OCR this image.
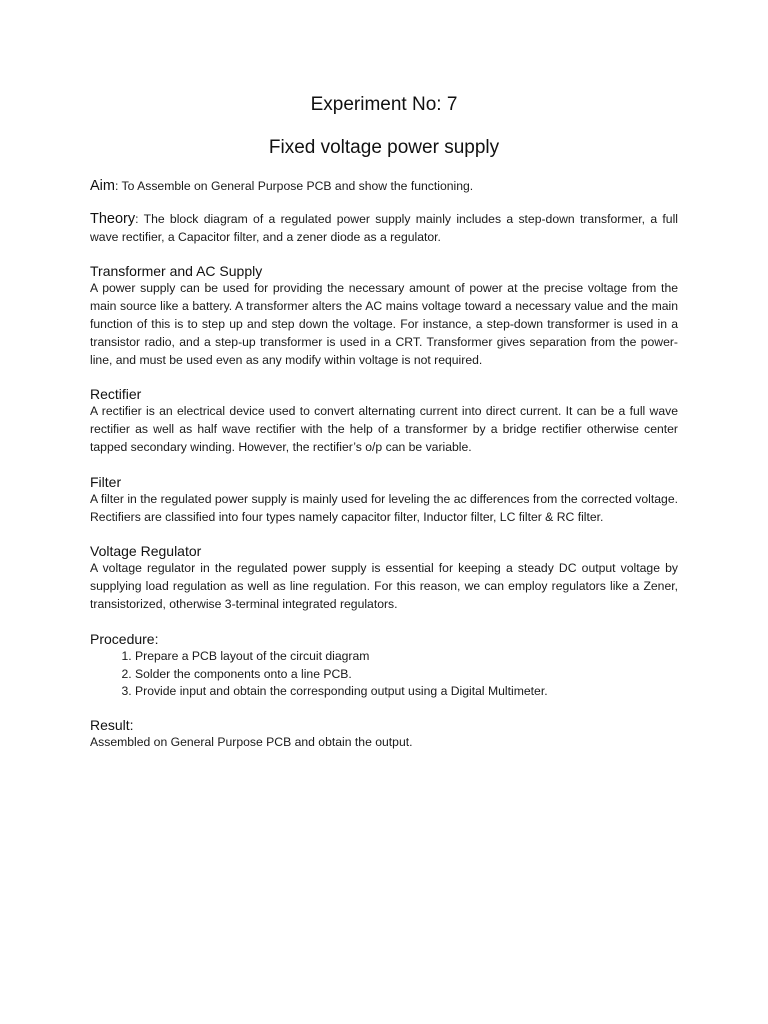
Experiment No: 7
Fixed voltage power supply

Aim: To Assemble on General Purpose PCB and show the functioning.

Theory: The block diagram of a regulated power supply mainly includes a step-down transformer, a full wave rectifier, a Capacitor filter, and a zener diode as a regulator.

Transformer and AC Supply

A power supply can be used for providing the necessary amount of power at the precise voltage from the main source like a battery. A transformer alters the AC mains voltage toward a necessary value and the main function of this is to step up and step down the voltage. For instance, a step-down transformer is used in a transistor radio, and a step-up transformer is used in a CRT. Transformer gives separation from the power-line, and must be used even as any modify within voltage is not required.

Rectifier

A rectifier is an electrical device used to convert alternating current into direct current. It can be a full wave rectifier as well as half wave rectifier with the help of a transformer by a bridge rectifier otherwise center tapped secondary winding. However, the rectifier’s o/p can be variable.

Filter

A filter in the regulated power supply is mainly used for leveling the ac differences from the corrected voltage. Rectifiers are classified into four types namely capacitor filter, Inductor filter, LC filter & RC filter.

Voltage Regulator

A voltage regulator in the regulated power supply is essential for keeping a steady DC output voltage by supplying load regulation as well as line regulation. For this reason, we can employ regulators like a Zener, transistorized, otherwise 3-terminal integrated regulators.

Procedure:
1. Prepare a PCB layout of the circuit diagram
2. Solder the components onto a line PCB.
3. Provide input and obtain the corresponding output using a Digital Multimeter.
Result:

Assembled on General Purpose PCB and obtain the output.
